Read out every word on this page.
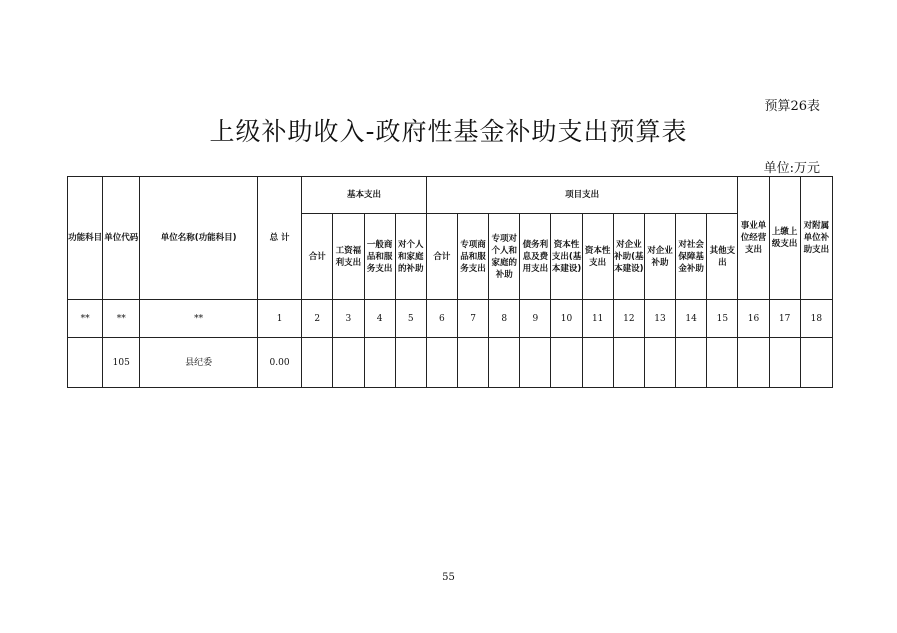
预算26表
上级补助收入-政府性基金补助支出预算表
单位:万元
功能科目	单位代码	单位名称(功能科目)	总 计	基本支出				项目支出										事业单位经营支出	上缴上级支出	对附属单位补助支出
				合计	工资福利支出	一般商品和服务支出	对个人和家庭的补助	合计	专项商品和服务支出	专项对个人和家庭的补助	债务利息及费用支出	资本性支出(基本建设)	资本性支出	对企业补助(基本建设)	对企业补助	对社会保障基金补助	其他支出			
**	**	**	1	2	3	4	5	6	7	8	9	10	11	12	13	14	15	16	17	18
	105	县纪委	0.00																	
55
